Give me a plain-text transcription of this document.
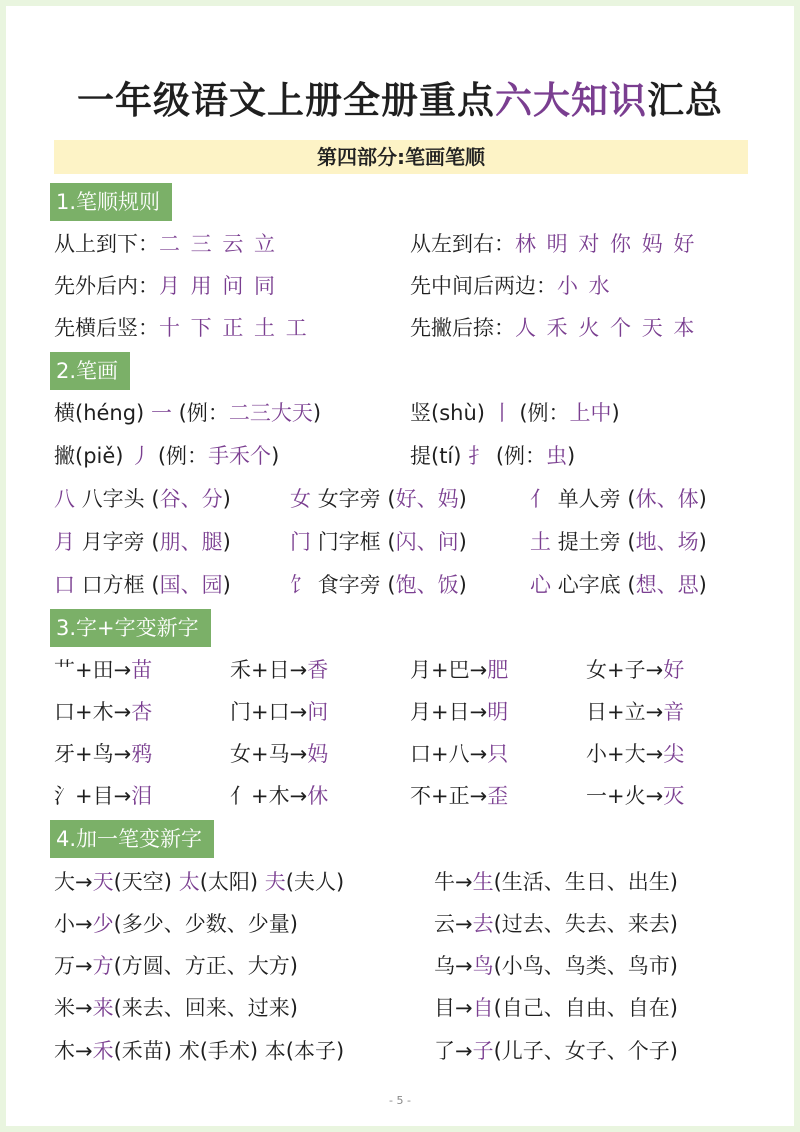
一年级语文上册全册重点六大知识汇总
第四部分:笔画笔顺
1.笔顺规则
从上到下：二 三 云 立	从左到右：林 明 对 你 妈 好
先外后内：月 用 问 同	先中间后两边：小 水
先横后竖：十 下 正 土 工	先撇后捺：人 禾 火 个 天 本
2.笔画
横(héng) 一 (例：二三大天)	竖(shù) 丨 (例：上中)
撇(piě) 丿 (例：手禾个)	提(tí) 扌 (例：虫)
八 八字头 (谷、分)	女 女字旁 (好、妈)	亻 单人旁 (休、体)
月 月字旁 (朋、腿)	门 门字框 (闪、问)	土 提土旁 (地、场)
口 口方框 (国、园)	饣 食字旁 (饱、饭)	心 心字底 (想、思)
3.字+字变新字
艹+田→苗	禾+日→香	月+巴→肥	女+子→好
口+木→杏	门+口→问	月+日→明	日+立→音
牙+鸟→鸦	女+马→妈	口+八→只	小+大→尖
氵+目→泪	亻+木→休	不+正→歪	一+火→灭
4.加一笔变新字
大→天(天空) 太(太阳) 夫(夫人)	牛→生(生活、生日、出生)
小→少(多少、少数、少量)	云→去(过去、失去、来去)
万→方(方圆、方正、大方)	乌→鸟(小鸟、鸟类、鸟市)
米→来(来去、回来、过来)	目→自(自己、自由、自在)
木→禾(禾苗) 术(手术) 本(本子)	了→子(儿子、女子、个子)
- 5 -
